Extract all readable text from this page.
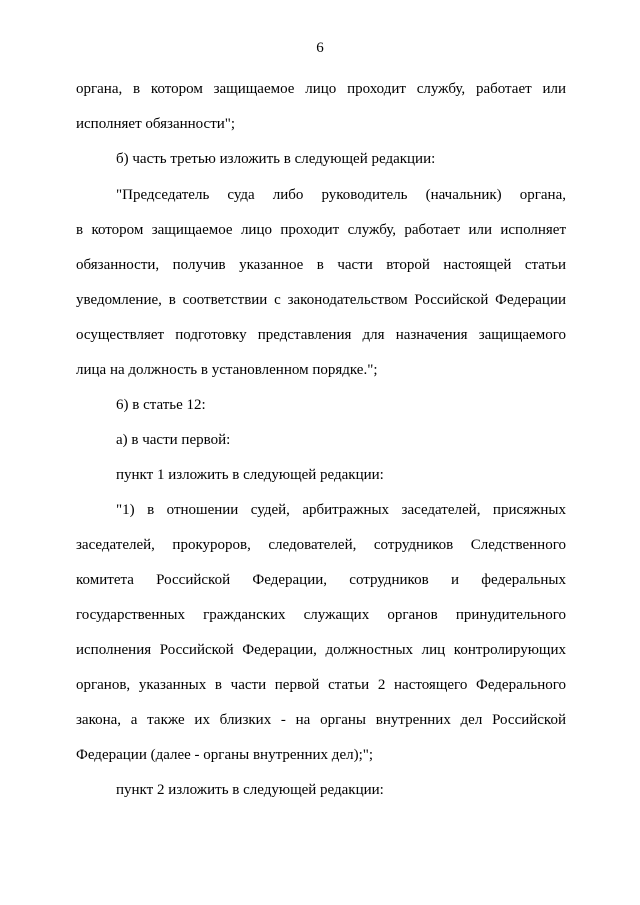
6
органа, в котором защищаемое лицо проходит службу, работает или
исполняет обязанности";
б) часть третью изложить в следующей редакции:
"Председатель суда либо руководитель (начальник) органа,
в котором защищаемое лицо проходит службу, работает или исполняет
обязанности, получив указанное в части второй настоящей статьи
уведомление, в соответствии с законодательством Российской Федерации
осуществляет подготовку представления для назначения защищаемого
лица на должность в установленном порядке.";
6) в статье 12:
а) в части первой:
пункт 1 изложить в следующей редакции:
"1) в отношении судей, арбитражных заседателей, присяжных
заседателей, прокуроров, следователей, сотрудников Следственного
комитета Российской Федерации, сотрудников и федеральных
государственных гражданских служащих органов принудительного
исполнения Российской Федерации, должностных лиц контролирующих
органов, указанных в части первой статьи 2 настоящего Федерального
закона, а также их близких - на органы внутренних дел Российской
Федерации (далее - органы внутренних дел);";
пункт 2 изложить в следующей редакции:
